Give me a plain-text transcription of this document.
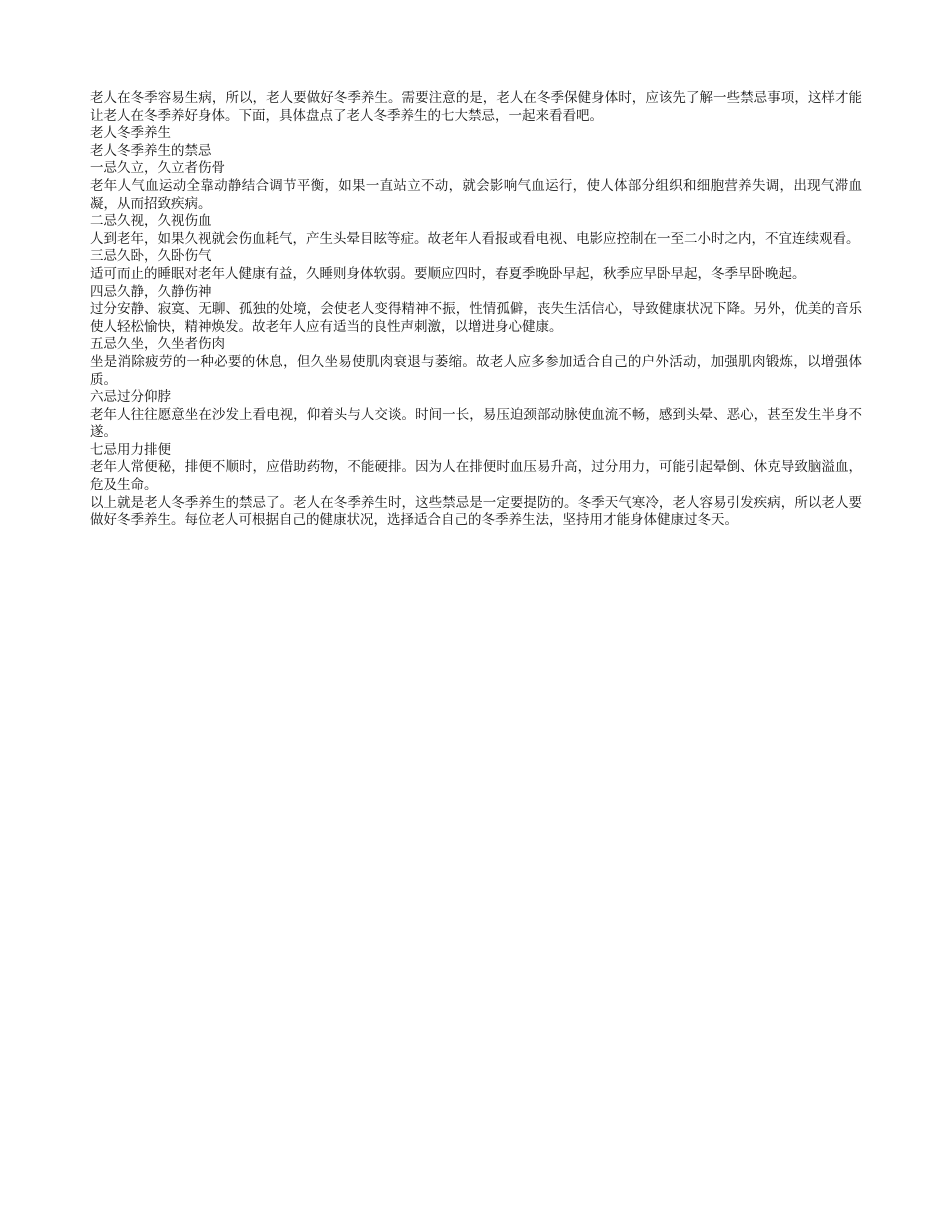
老人在冬季容易生病，所以，老人要做好冬季养生。需要注意的是，老人在冬季保健身体时，应该先了解一些禁忌事项，这样才能让老人在冬季养好身体。下面，具体盘点了老人冬季养生的七大禁忌，一起来看看吧。

老人冬季养生

老人冬季养生的禁忌

一忌久立，久立者伤骨

老年人气血运动全靠动静结合调节平衡，如果一直站立不动，就会影响气血运行，使人体部分组织和细胞营养失调，出现气滞血凝，从而招致疾病。

二忌久视，久视伤血

人到老年，如果久视就会伤血耗气，产生头晕目眩等症。故老年人看报或看电视、电影应控制在一至二小时之内，不宜连续观看。

三忌久卧，久卧伤气

适可而止的睡眠对老年人健康有益，久睡则身体软弱。要顺应四时，春夏季晚卧早起，秋季应早卧早起，冬季早卧晚起。

四忌久静，久静伤神

过分安静、寂寞、无聊、孤独的处境，会使老人变得精神不振，性情孤僻，丧失生活信心，导致健康状况下降。另外，优美的音乐使人轻松愉快，精神焕发。故老年人应有适当的良性声刺激，以增进身心健康。

五忌久坐，久坐者伤肉

坐是消除疲劳的一种必要的休息，但久坐易使肌肉衰退与萎缩。故老人应多参加适合自己的户外活动，加强肌肉锻炼，以增强体质。

六忌过分仰脖

老年人往往愿意坐在沙发上看电视，仰着头与人交谈。时间一长，易压迫颈部动脉使血流不畅，感到头晕、恶心，甚至发生半身不遂。

七忌用力排便

老年人常便秘，排便不顺时，应借助药物，不能硬排。因为人在排便时血压易升高，过分用力，可能引起晕倒、休克导致脑溢血，危及生命。

以上就是老人冬季养生的禁忌了。老人在冬季养生时，这些禁忌是一定要提防的。冬季天气寒冷，老人容易引发疾病，所以老人要做好冬季养生。每位老人可根据自己的健康状况，选择适合自己的冬季养生法，坚持用才能身体健康过冬天。
